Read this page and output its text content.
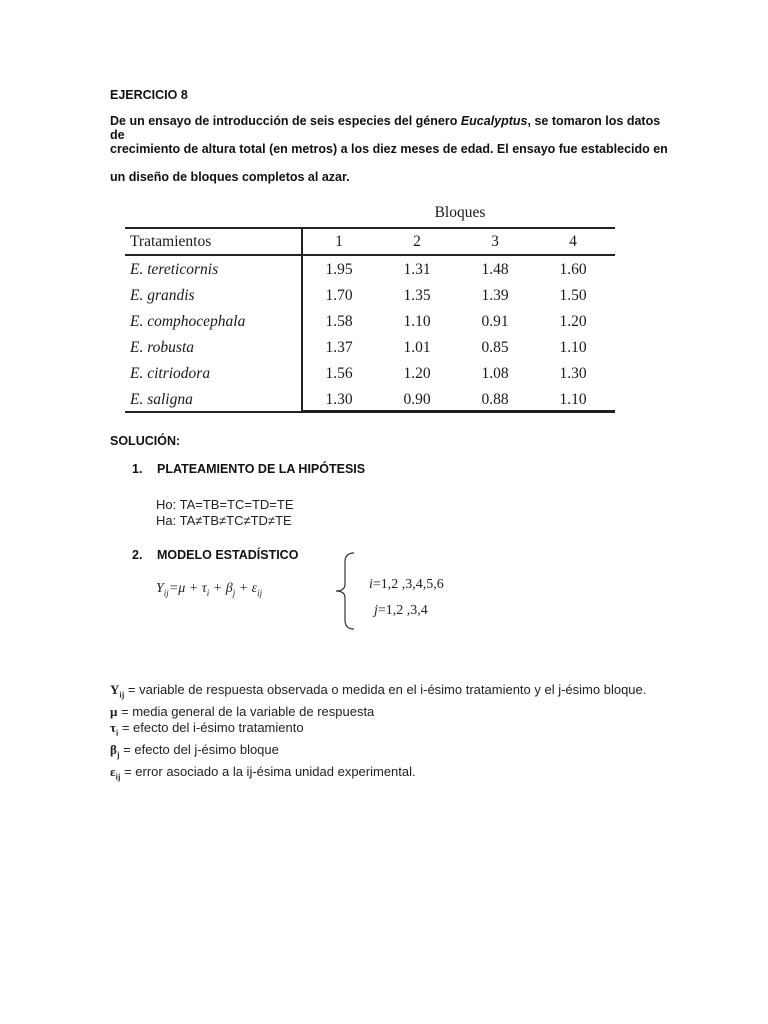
EJERCICIO 8
De un ensayo de introducción de seis especies del género Eucalyptus, se tomaron los datos de
crecimiento de altura total (en metros) a los diez meses de edad. El ensayo fue establecido en
un diseño de bloques completos al azar.
Bloques
Tratamientos	1	2	3	4
E. tereticornis	1.95	1.31	1.48	1.60
E. grandis	1.70	1.35	1.39	1.50
E. comphocephala	1.58	1.10	0.91	1.20
E. robusta	1.37	1.01	0.85	1.10
E. citriodora	1.56	1.20	1.08	1.30
E. saligna	1.30	0.90	0.88	1.10
SOLUCIÓN:
1. PLATEAMIENTO DE LA HIPÓTESIS
Ho: TA=TB=TC=TD=TE
Ha: TA≠TB≠TC≠TD≠TE
2. MODELO ESTADÍSTICO
$Y_{ij}=\mu + \tau_i + \beta_j + \varepsilon_{ij}$
i=1,2 ,3,4,5,6
j=1,2 ,3,4
$Y_{ij}$ = variable de respuesta observada o medida en el i-ésimo tratamiento y el j-ésimo bloque.
μ = media general de la variable de respuesta
$\tau_i$ = efecto del i-ésimo tratamiento
$\beta_j$ = efecto del j-ésimo bloque
$\varepsilon_{ij}$ = error asociado a la ij-ésima unidad experimental.
